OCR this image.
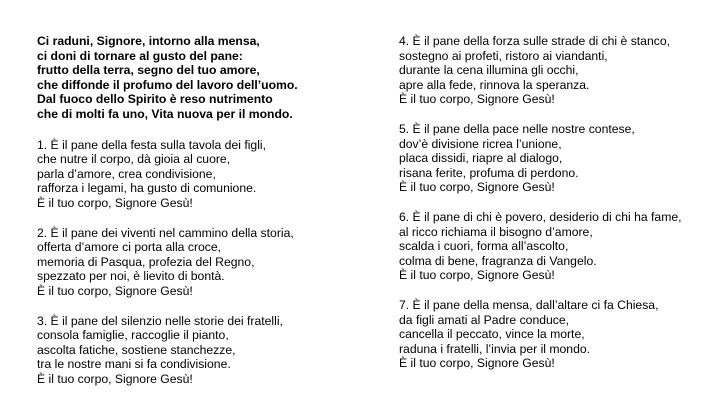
Ci raduni, Signore, intorno alla mensa,
ci doni di tornare al gusto del pane:
frutto della terra, segno del tuo amore,
che diffonde il profumo del lavoro dell’uomo.
Dal fuoco dello Spirito è reso nutrimento
che di molti fa uno, Vita nuova per il mondo.
1. È il pane della festa sulla tavola dei figli,
che nutre il corpo, dà gioia al cuore,
parla d’amore, crea condivisione,
rafforza i legami, ha gusto di comunione.
È il tuo corpo, Signore Gesù!
2. È il pane dei viventi nel cammino della storia,
offerta d’amore ci porta alla croce,
memoria di Pasqua, profezia del Regno,
spezzato per noi, è lievito di bontà.
È il tuo corpo, Signore Gesù!
3. È il pane del silenzio nelle storie dei fratelli,
consola famiglie, raccoglie il pianto,
ascolta fatiche, sostiene stanchezze,
tra le nostre mani si fa condivisione.
È il tuo corpo, Signore Gesù!
4. È il pane della forza sulle strade di chi è stanco,
sostegno ai profeti, ristoro ai viandanti,
durante la cena illumina gli occhi,
apre alla fede, rinnova la speranza.
È il tuo corpo, Signore Gesù!
5. È il pane della pace nelle nostre contese,
dov’è divisione ricrea l’unione,
placa dissidi, riapre al dialogo,
risana ferite, profuma di perdono.
È il tuo corpo, Signore Gesù!
6. È il pane di chi è povero, desiderio di chi ha fame,
al ricco richiama il bisogno d’amore,
scalda i cuori, forma all’ascolto,
colma di bene, fragranza di Vangelo.
È il tuo corpo, Signore Gesù!
7. È il pane della mensa, dall’altare ci fa Chiesa,
da figli amati al Padre conduce,
cancella il peccato, vince la morte,
raduna i fratelli, l’invia per il mondo.
È il tuo corpo, Signore Gesù!
